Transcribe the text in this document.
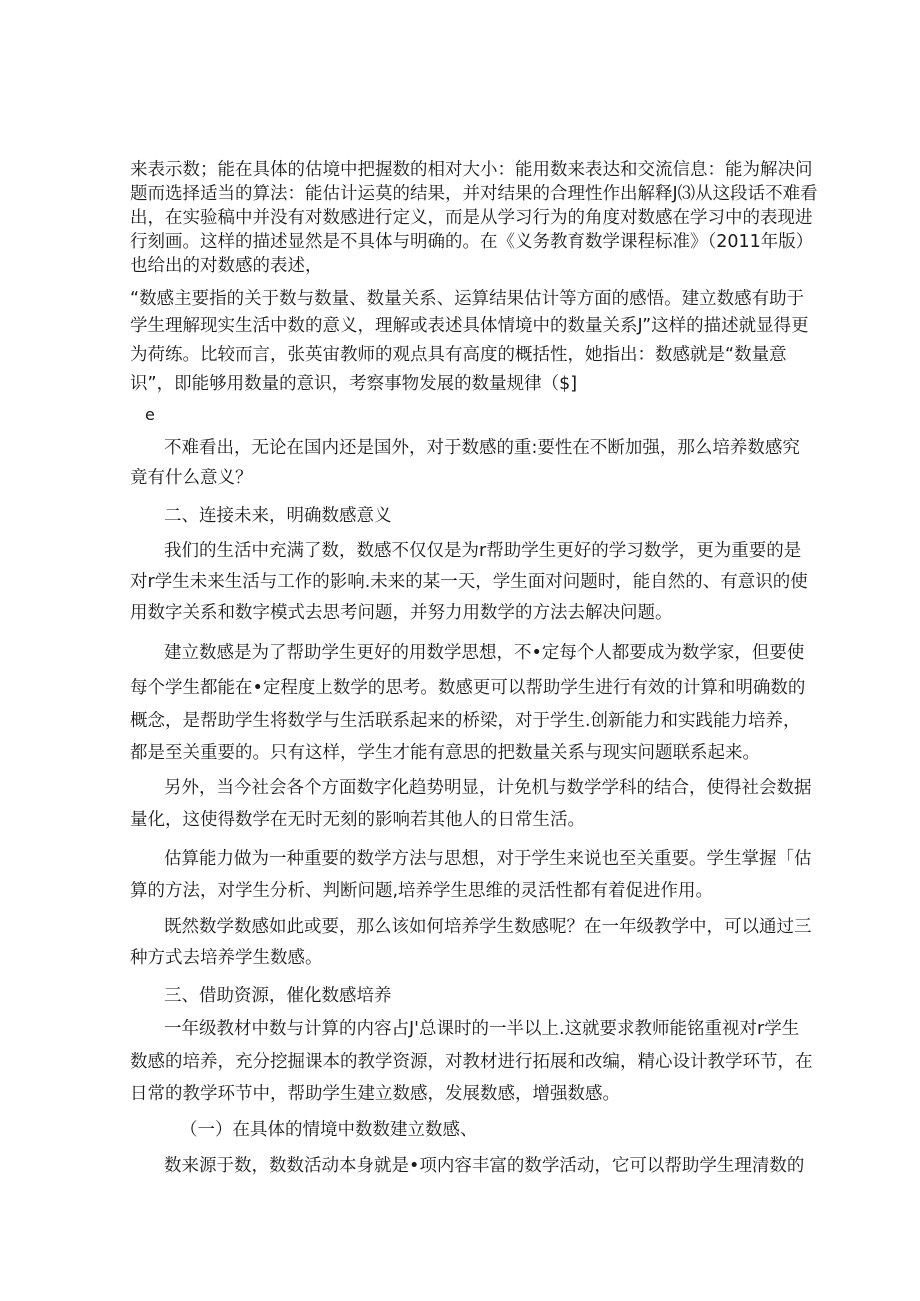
来表示数；能在具体的估境中把握数的相对大小：能用数来表达和交流信息：能为解决问
题而选择适当的算法：能估计运莫的结果，并对结果的合理性作出解释J⑶从这段话不难看
出，在实验稿中并没有对数感进行定义，而是从学习行为的角度对数感在学习中的表现进
行刻画。这样的描述显然是不具体与明确的。在《义务教育数学课程标准》（2011年版）
也给出的对数感的表述，
“数感主要指的关于数与数量、数量关系、运算结果估计等方面的感悟。建立数感有助于
学生理解现实生活中数的意义，理解或表述具体情境中的数量关系J”这样的描述就显得更
为荷练。比较而言，张英宙教师的观点具有高度的概括性，她指出：数感就是“数量意
识”，即能够用数量的意识，考察事物发展的数量规律（$]
e
不难看出，无论在国内还是国外，对于数感的重:要性在不断加强，那么培养数感究
竟有什么意义？
二、连接未来，明确数感意义
我们的生活中充满了数，数感不仅仅是为r帮助学生更好的学习数学，更为重要的是
对r学生未来生活与工作的影响.未来的某一天，学生面对问题时，能自然的、有意识的使
用数字关系和数字模式去思考问题，并努力用数学的方法去解决问题。
建立数感是为了帮助学生更好的用数学思想，不•定每个人都要成为数学家，但要使
每个学生都能在•定程度上数学的思考。数感更可以帮助学生进行有效的计算和明确数的
概念，是帮助学生将数学与生活联系起来的桥梁，对于学生.创新能力和实践能力培养，
都是至关重要的。只有这样，学生才能有意思的把数量关系与现实问题联系起来。
另外，当今社会各个方面数字化趋势明显，计免机与数学学科的结合，使得社会数据
量化，这使得数学在无时无刻的影响若其他人的日常生活。
估算能力做为一种重要的数学方法与思想，对于学生来说也至关重要。学生掌握「估
算的方法，对学生分析、判断问题,培养学生思维的灵活性都有着促进作用。
既然数学数感如此或要，那么该如何培养学生数感呢？在一年级教学中，可以通过三
种方式去培养学生数感。
三、借助资源，催化数感培养
一年级教材中数与计算的内容占J'总课时的一半以上.这就要求教师能铭重视对r学生
数感的培养，充分挖掘课本的教学资源，对教材进行拓展和改编，精心设计教学环节，在
日常的教学环节中，帮助学生建立数感，发展数感，增强数感。
（一）在具体的情境中数数建立数感、
数来源于数，数数活动本身就是•项内容丰富的数学活动，它可以帮助学生理清数的
